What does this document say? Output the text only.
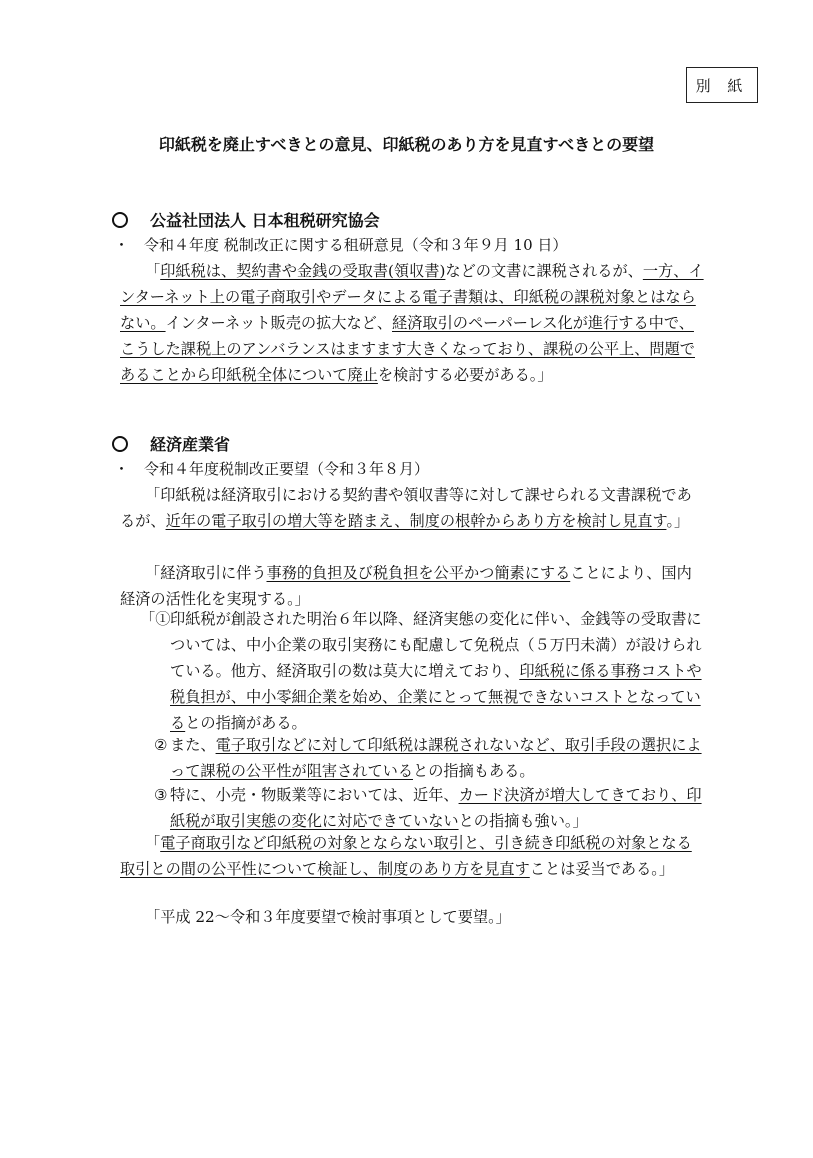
別 紙
印紙税を廃止すべきとの意見、印紙税のあり方を見直すべきとの要望
公益社団法人 日本租税研究協会
・ 令和４年度 税制改正に関する租研意見（令和３年９月 10 日）

「印紙税は、契約書や金銭の受取書(領収書)などの文書に課税されるが、一方、インターネット上の電子商取引やデータによる電子書類は、印紙税の課税対象とはならない。インターネット販売の拡大など、経済取引のペーパーレス化が進行する中で、こうした課税上のアンバランスはますます大きくなっており、課税の公平上、問題であることから印紙税全体について廃止を検討する必要がある。」

経済産業省
・ 令和４年度税制改正要望（令和３年８月）

「印紙税は経済取引における契約書や領収書等に対して課せられる文書課税であるが、近年の電子取引の増大等を踏まえ、制度の根幹からあり方を検討し見直す。」

「経済取引に伴う事務的負担及び税負担を公平かつ簡素にすることにより、国内経済の活性化を実現する。」

「① 印紙税が創設された明治６年以降、経済実態の変化に伴い、金銭等の受取書については、中小企業の取引実務にも配慮して免税点（５万円未満）が設けられている。他方、経済取引の数は莫大に増えており、印紙税に係る事務コストや税負担が、中小零細企業を始め、企業にとって無視できないコストとなっているとの指摘がある。
② また、電子取引などに対して印紙税は課税されないなど、取引手段の選択によって課税の公平性が阻害されているとの指摘もある。
③ 特に、小売・物販業等においては、近年、カード決済が増大してきており、印紙税が取引実態の変化に対応できていないとの指摘も強い。」

「電子商取引など印紙税の対象とならない取引と、引き続き印紙税の対象となる取引との間の公平性について検証し、制度のあり方を見直すことは妥当である。」

「平成 22～令和３年度要望で検討事項として要望。」
